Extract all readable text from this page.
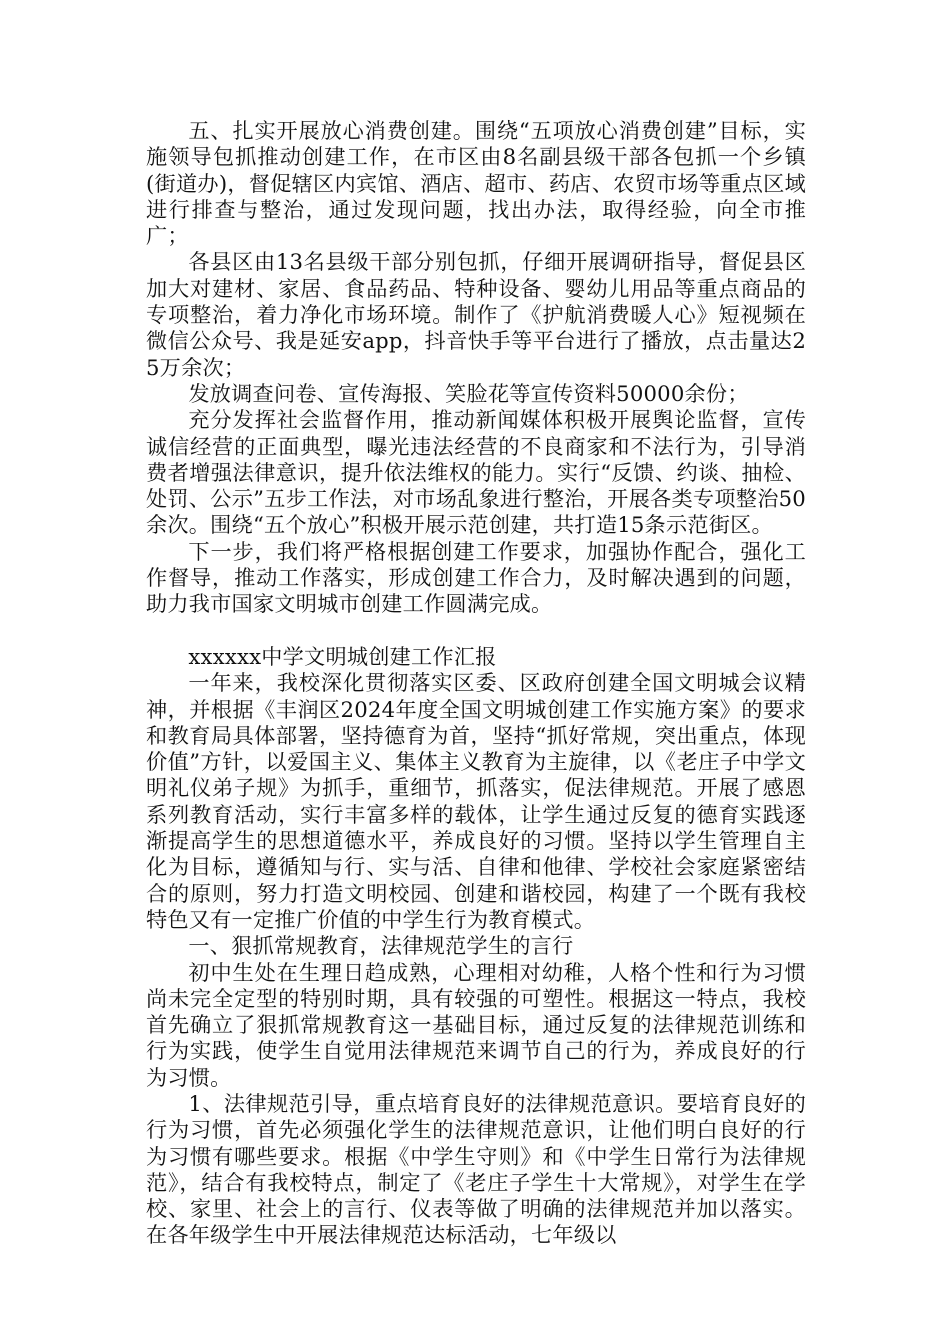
五、扎实开展放心消费创建。围绕“五项放心消费创建”目标，实施领导包抓推动创建工作，在市区由8名副县级干部各包抓一个乡镇(街道办)，督促辖区内宾馆、酒店、超市、药店、农贸市场等重点区域进行排查与整治，通过发现问题，找出办法，取得经验，向全市推广；

各县区由13名县级干部分别包抓，仔细开展调研指导，督促县区加大对建材、家居、食品药品、特种设备、婴幼儿用品等重点商品的专项整治，着力净化市场环境。制作了《护航消费暖人心》短视频在微信公众号、我是延安app，抖音快手等平台进行了播放，点击量达25万余次；

发放调查问卷、宣传海报、笑脸花等宣传资料50000余份；

充分发挥社会监督作用，推动新闻媒体积极开展舆论监督，宣传诚信经营的正面典型，曝光违法经营的不良商家和不法行为，引导消费者增强法律意识，提升依法维权的能力。实行“反馈、约谈、抽检、处罚、公示”五步工作法，对市场乱象进行整治，开展各类专项整治50余次。围绕“五个放心”积极开展示范创建，共打造15条示范街区。

下一步，我们将严格根据创建工作要求，加强协作配合，强化工作督导，推动工作落实，形成创建工作合力，及时解决遇到的问题，助力我市国家文明城市创建工作圆满完成。

xxxxxx中学文明城创建工作汇报

一年来，我校深化贯彻落实区委、区政府创建全国文明城会议精神，并根据《丰润区2024年度全国文明城创建工作实施方案》的要求和教育局具体部署，坚持德育为首，坚持“抓好常规，突出重点，体现价值”方针，以爱国主义、集体主义教育为主旋律，以《老庄子中学文明礼仪弟子规》为抓手，重细节，抓落实，促法律规范。开展了感恩系列教育活动，实行丰富多样的载体，让学生通过反复的德育实践逐渐提高学生的思想道德水平，养成良好的习惯。坚持以学生管理自主化为目标，遵循知与行、实与活、自律和他律、学校社会家庭紧密结合的原则，努力打造文明校园、创建和谐校园，构建了一个既有我校特色又有一定推广价值的中学生行为教育模式。

一、狠抓常规教育，法律规范学生的言行

初中生处在生理日趋成熟，心理相对幼稚，人格个性和行为习惯尚未完全定型的特别时期，具有较强的可塑性。根据这一特点，我校首先确立了狠抓常规教育这一基础目标，通过反复的法律规范训练和行为实践，使学生自觉用法律规范来调节自己的行为，养成良好的行为习惯。

1、法律规范引导，重点培育良好的法律规范意识。要培育良好的行为习惯，首先必须强化学生的法律规范意识，让他们明白良好的行为习惯有哪些要求。根据《中学生守则》和《中学生日常行为法律规范》，结合有我校特点，制定了《老庄子学生十大常规》，对学生在学校、家里、社会上的言行、仪表等做了明确的法律规范并加以落实。在各年级学生中开展法律规范达标活动，七年级以
